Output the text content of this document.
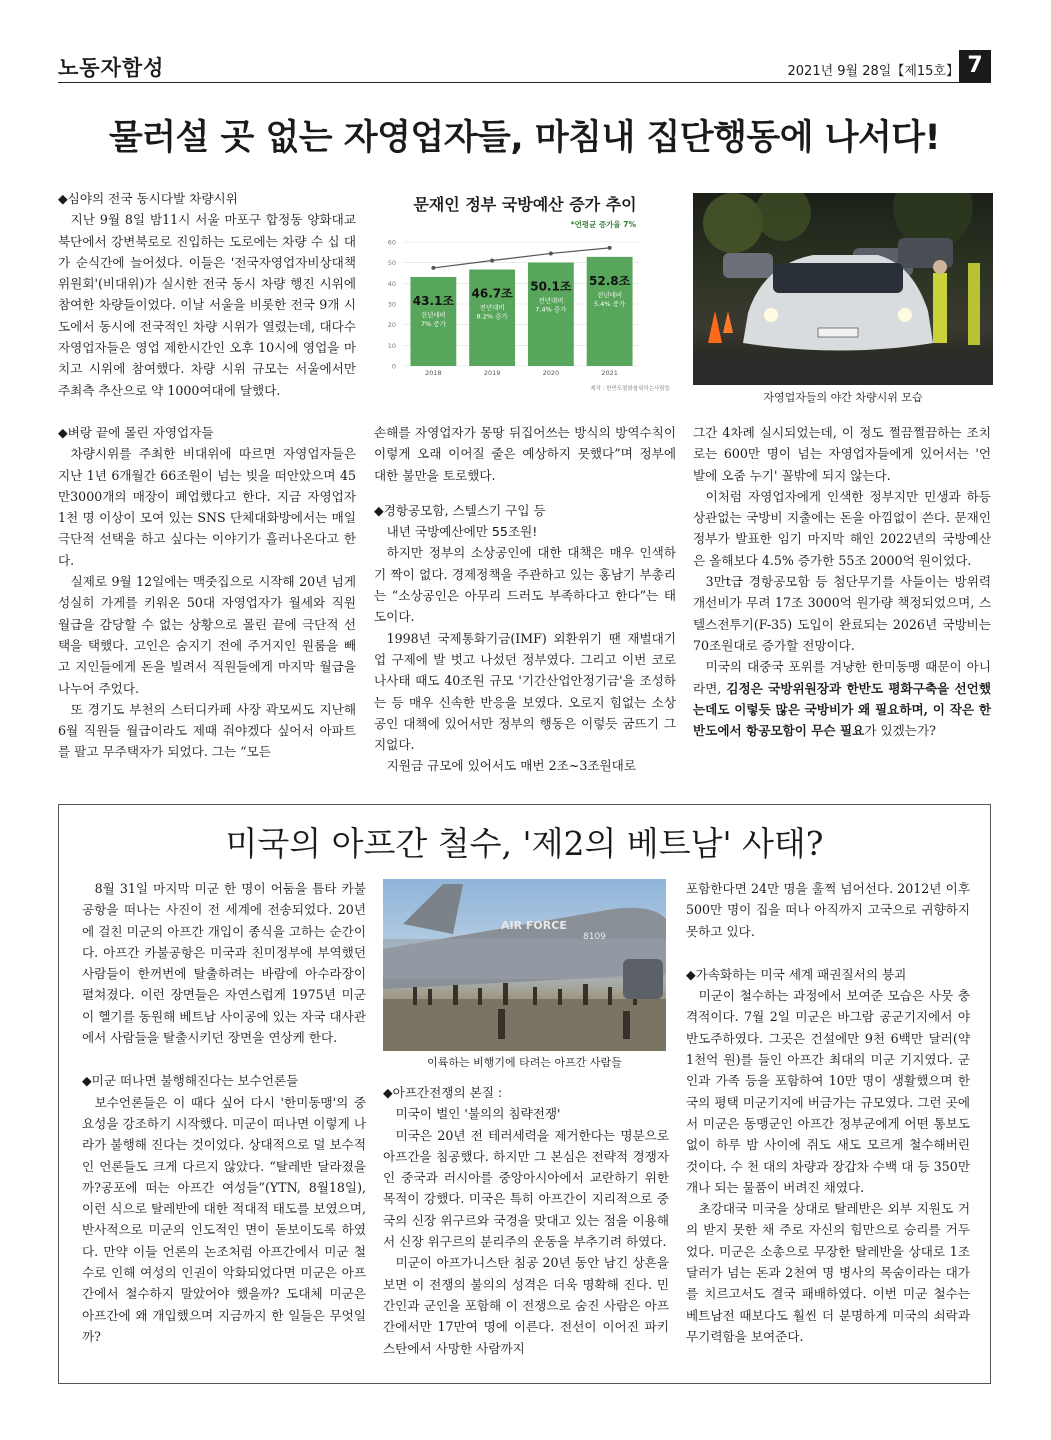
노동자함성	2021년 9월 28일【제15호】 7
물러설 곳 없는 자영업자들, 마침내 집단행동에 나서다!

◆심야의 전국 동시다발 차량시위

지난 9월 8일 밤11시 서울 마포구 합정동 양화대교 북단에서 강변북로로 진입하는 도로에는 차량 수 십 대가 순식간에 늘어섰다. 이들은 '전국자영업자비상대책위원회'(비대위)가 실시한 전국 동시 차량 행진 시위에 참여한 차량들이었다. 이날 서울을 비롯한 전국 9개 시도에서 동시에 전국적인 차량 시위가 열렸는데, 대다수 자영업자들은 영업 제한시간인 오후 10시에 영업을 마치고 시위에 참여했다. 차량 시위 규모는 서울에서만 주최측 추산으로 약 1000여대에 달했다.

◆벼랑 끝에 몰린 자영업자들

차량시위를 주최한 비대위에 따르면 자영업자들은 지난 1년 6개월간 66조원이 넘는 빚을 떠안았으며 45만3000개의 매장이 폐업했다고 한다. 지금 자영업자 1천 명 이상이 모여 있는 SNS 단체대화방에서는 매일 극단적 선택을 하고 싶다는 이야기가 흘러나온다고 한다.

실제로 9월 12일에는 맥줏집으로 시작해 20년 넘게 성실히 가게를 키워온 50대 자영업자가 월세와 직원 월급을 감당할 수 없는 상황으로 몰린 끝에 극단적 선택을 택했다. 고인은 숨지기 전에 주거지인 원룸을 빼고 지인들에게 돈을 빌려서 직원들에게 마지막 월급을 나누어 주었다.

또 경기도 부천의 스터디카페 사장 곽모씨도 지난해 6월 직원들 월급이라도 제때 줘야겠다 싶어서 아파트를 팔고 무주택자가 되었다. 그는 “모든

문재인 정부 국방예산 증가 추이
*연평균 증가율 7%
0
10
20
30
40
50
60
43.1조
전년대비
7% 증가
46.7조
전년대비
8.2% 증가
50.1조
전년대비
7.4% 증가
52.8조
전년대비
5.4% 증가
2018	2019	2020	2021
제작 : 한반도평화를위하는사람들
자영업자들의 야간 차량시위 모습

손해를 자영업자가 몽땅 뒤집어쓰는 방식의 방역수칙이 이렇게 오래 이어질 줄은 예상하지 못했다”며 정부에 대한 불만을 토로했다.

◆경항공모함, 스텔스기 구입 등

내년 국방예산에만 55조원!

하지만 정부의 소상공인에 대한 대책은 매우 인색하기 짝이 없다. 경제정책을 주관하고 있는 홍남기 부총리는 “소상공인은 아무리 드러도 부족하다고 한다”는 태도이다.

1998년 국제통화기금(IMF) 외환위기 땐 재벌대기업 구제에 발 벗고 나섰던 정부였다. 그리고 이번 코로나사태 때도 40조원 규모 '기간산업안정기금'을 조성하는 등 매우 신속한 반응을 보였다. 오로지 힘없는 소상공인 대책에 있어서만 정부의 행동은 이렇듯 굼뜨기 그지없다.

지원금 규모에 있어서도 매번 2조~3조원대로

그간 4차례 실시되었는데, 이 정도 쩔끔쩔끔하는 조치로는 600만 명이 넘는 자영업자들에게 있어서는 '언 발에 오줌 누기' 꼴밖에 되지 않는다.

이처럼 자영업자에게 인색한 정부지만 민생과 하등 상관없는 국방비 지출에는 돈을 아낌없이 쓴다. 문재인 정부가 발표한 임기 마지막 해인 2022년의 국방예산은 올해보다 4.5% 증가한 55조 2000억 원이었다.

3만t급 경항공모함 등 첨단무기를 사들이는 방위력개선비가 무려 17조 3000억 원가량 책정되었으며, 스텔스전투기(F-35) 도입이 완료되는 2026년 국방비는 70조원대로 증가할 전망이다.

미국의 대중국 포위를 겨냥한 한미동맹 때문이 아니라면, 김정은 국방위원장과 한반도 평화구축을 선언했는데도 이렇듯 많은 국방비가 왜 필요하며, 이 작은 한반도에서 항공모함이 무슨 필요가 있겠는가?

미국의 아프간 철수, '제2의 베트남' 사태?

8월 31일 마지막 미군 한 명이 어둠을 틈타 카불 공항을 떠나는 사진이 전 세계에 전송되었다. 20년에 걸친 미군의 아프간 개입이 종식을 고하는 순간이다. 아프간 카불공항은 미국과 친미정부에 부역했던 사람들이 한꺼번에 탈출하려는 바람에 아수라장이 펼쳐졌다. 이런 장면들은 자연스럽게 1975년 미군이 헬기를 동원해 베트남 사이공에 있는 자국 대사관에서 사람들을 탈출시키던 장면을 연상케 한다.

◆미군 떠나면 불행해진다는 보수언론들

보수언론들은 이 때다 싶어 다시 '한미동맹'의 중요성을 강조하기 시작했다. 미군이 떠나면 이렇게 나라가 불행해 진다는 것이었다. 상대적으로 덜 보수적인 언론들도 크게 다르지 않았다. “탈레반 달라졌을까?공포에 떠는 아프간 여성들”(YTN, 8월18일), 이런 식으로 탈레반에 대한 적대적 태도를 보였으며, 반사적으로 미군의 인도적인 면이 돋보이도록 하였다. 만약 이들 언론의 논조처럼 아프간에서 미군 철수로 인해 여성의 인권이 악화되었다면 미군은 아프간에서 철수하지 말았어야 했을까? 도대체 미군은 아프간에 왜 개입했으며 지금까지 한 일들은 무엇일까?

AIR FORCE
8109
이륙하는 비행기에 타려는 아프간 사람들

◆아프간전쟁의 본질 :

미국이 벌인 '불의의 침략전쟁'

미국은 20년 전 테러세력을 제거한다는 명분으로 아프간을 침공했다. 하지만 그 본심은 전략적 경쟁자인 중국과 러시아를 중앙아시아에서 교란하기 위한 목적이 강했다. 미국은 특히 아프간이 지리적으로 중국의 신장 위구르와 국경을 맞대고 있는 점을 이용해서 신장 위구르의 분리주의 운동을 부추기려 하였다.

미군이 아프가니스탄 침공 20년 동안 남긴 상흔을 보면 이 전쟁의 불의의 성격은 더욱 명확해 진다. 민간인과 군인을 포함해 이 전쟁으로 숨진 사람은 아프간에서만 17만여 명에 이른다. 전선이 이어진 파키스탄에서 사망한 사람까지

포함한다면 24만 명을 훌쩍 넘어선다. 2012년 이후 500만 명이 집을 떠나 아직까지 고국으로 귀향하지 못하고 있다.

◆가속화하는 미국 세계 패권질서의 붕괴

미군이 철수하는 과정에서 보여준 모습은 사뭇 충격적이다. 7월 2일 미군은 바그람 공군기지에서 야반도주하였다. 그곳은 건설에만 9천 6백만 달러(약 1천억 원)를 들인 아프간 최대의 미군 기지였다. 군인과 가족 등을 포함하여 10만 명이 생활했으며 한국의 평택 미군기지에 버금가는 규모였다. 그런 곳에서 미군은 동맹군인 아프간 정부군에게 어떤 통보도 없이 하루 밤 사이에 쥐도 새도 모르게 철수해버린 것이다. 수 천 대의 차량과 장갑차 수백 대 등 350만 개나 되는 물품이 버려진 채였다.

초강대국 미국을 상대로 탈레반은 외부 지원도 거의 받지 못한 채 주로 자신의 힘만으로 승리를 거두었다. 미군은 소총으로 무장한 탈레반을 상대로 1조 달러가 넘는 돈과 2천여 명 병사의 목숨이라는 대가를 치르고서도 결국 패배하였다. 이번 미군 철수는 베트남전 때보다도 훨씬 더 분명하게 미국의 쇠락과 무기력함을 보여준다.
